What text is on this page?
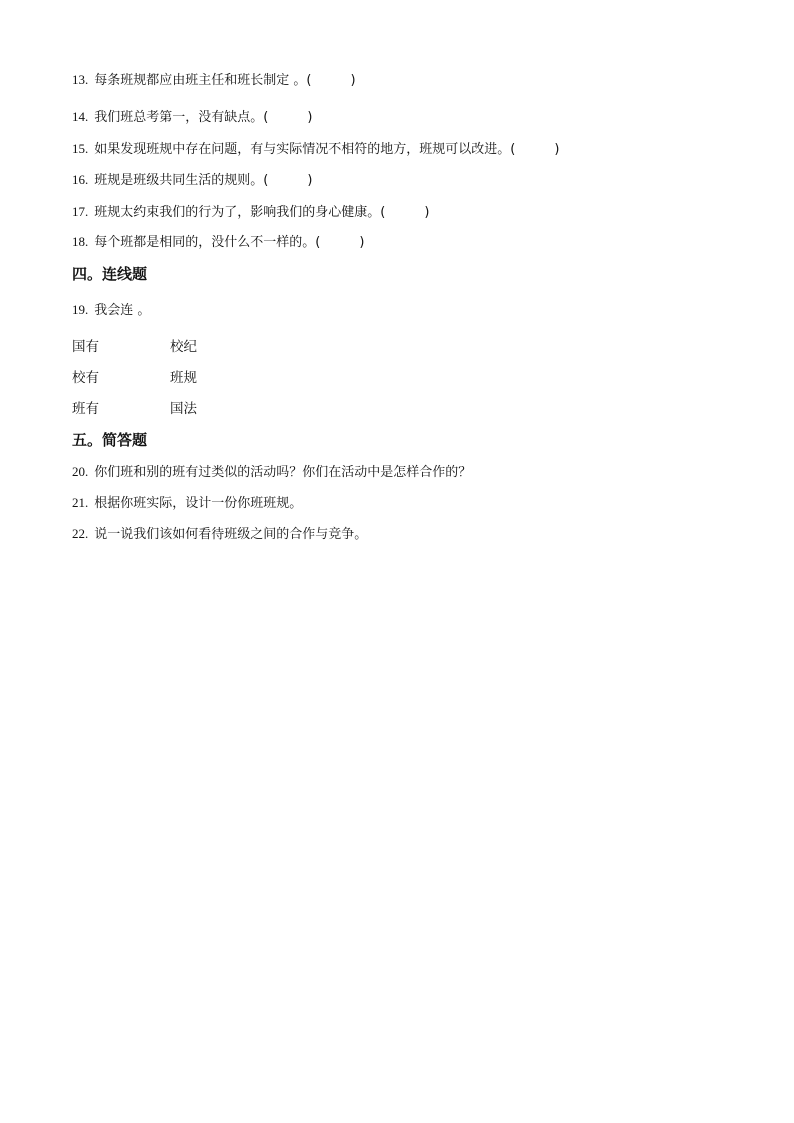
13. 每条班规都应由班主任和班长制定 。(　　　)
14. 我们班总考第一，没有缺点。(　　　)
15. 如果发现班规中存在问题，有与实际情况不相符的地方，班规可以改进。(　　　)
16. 班规是班级共同生活的规则。(　　　)
17. 班规太约束我们的行为了，影响我们的身心健康。(　　　)
18. 每个班都是相同的，没什么不一样的。(　　　)
四。连线题
19. 我会连 。
国有	校纪
校有	班规
班有	国法
五。简答题
20. 你们班和别的班有过类似的活动吗？你们在活动中是怎样合作的？
21. 根据你班实际，设计一份你班班规。
22. 说一说我们该如何看待班级之间的合作与竞争。
